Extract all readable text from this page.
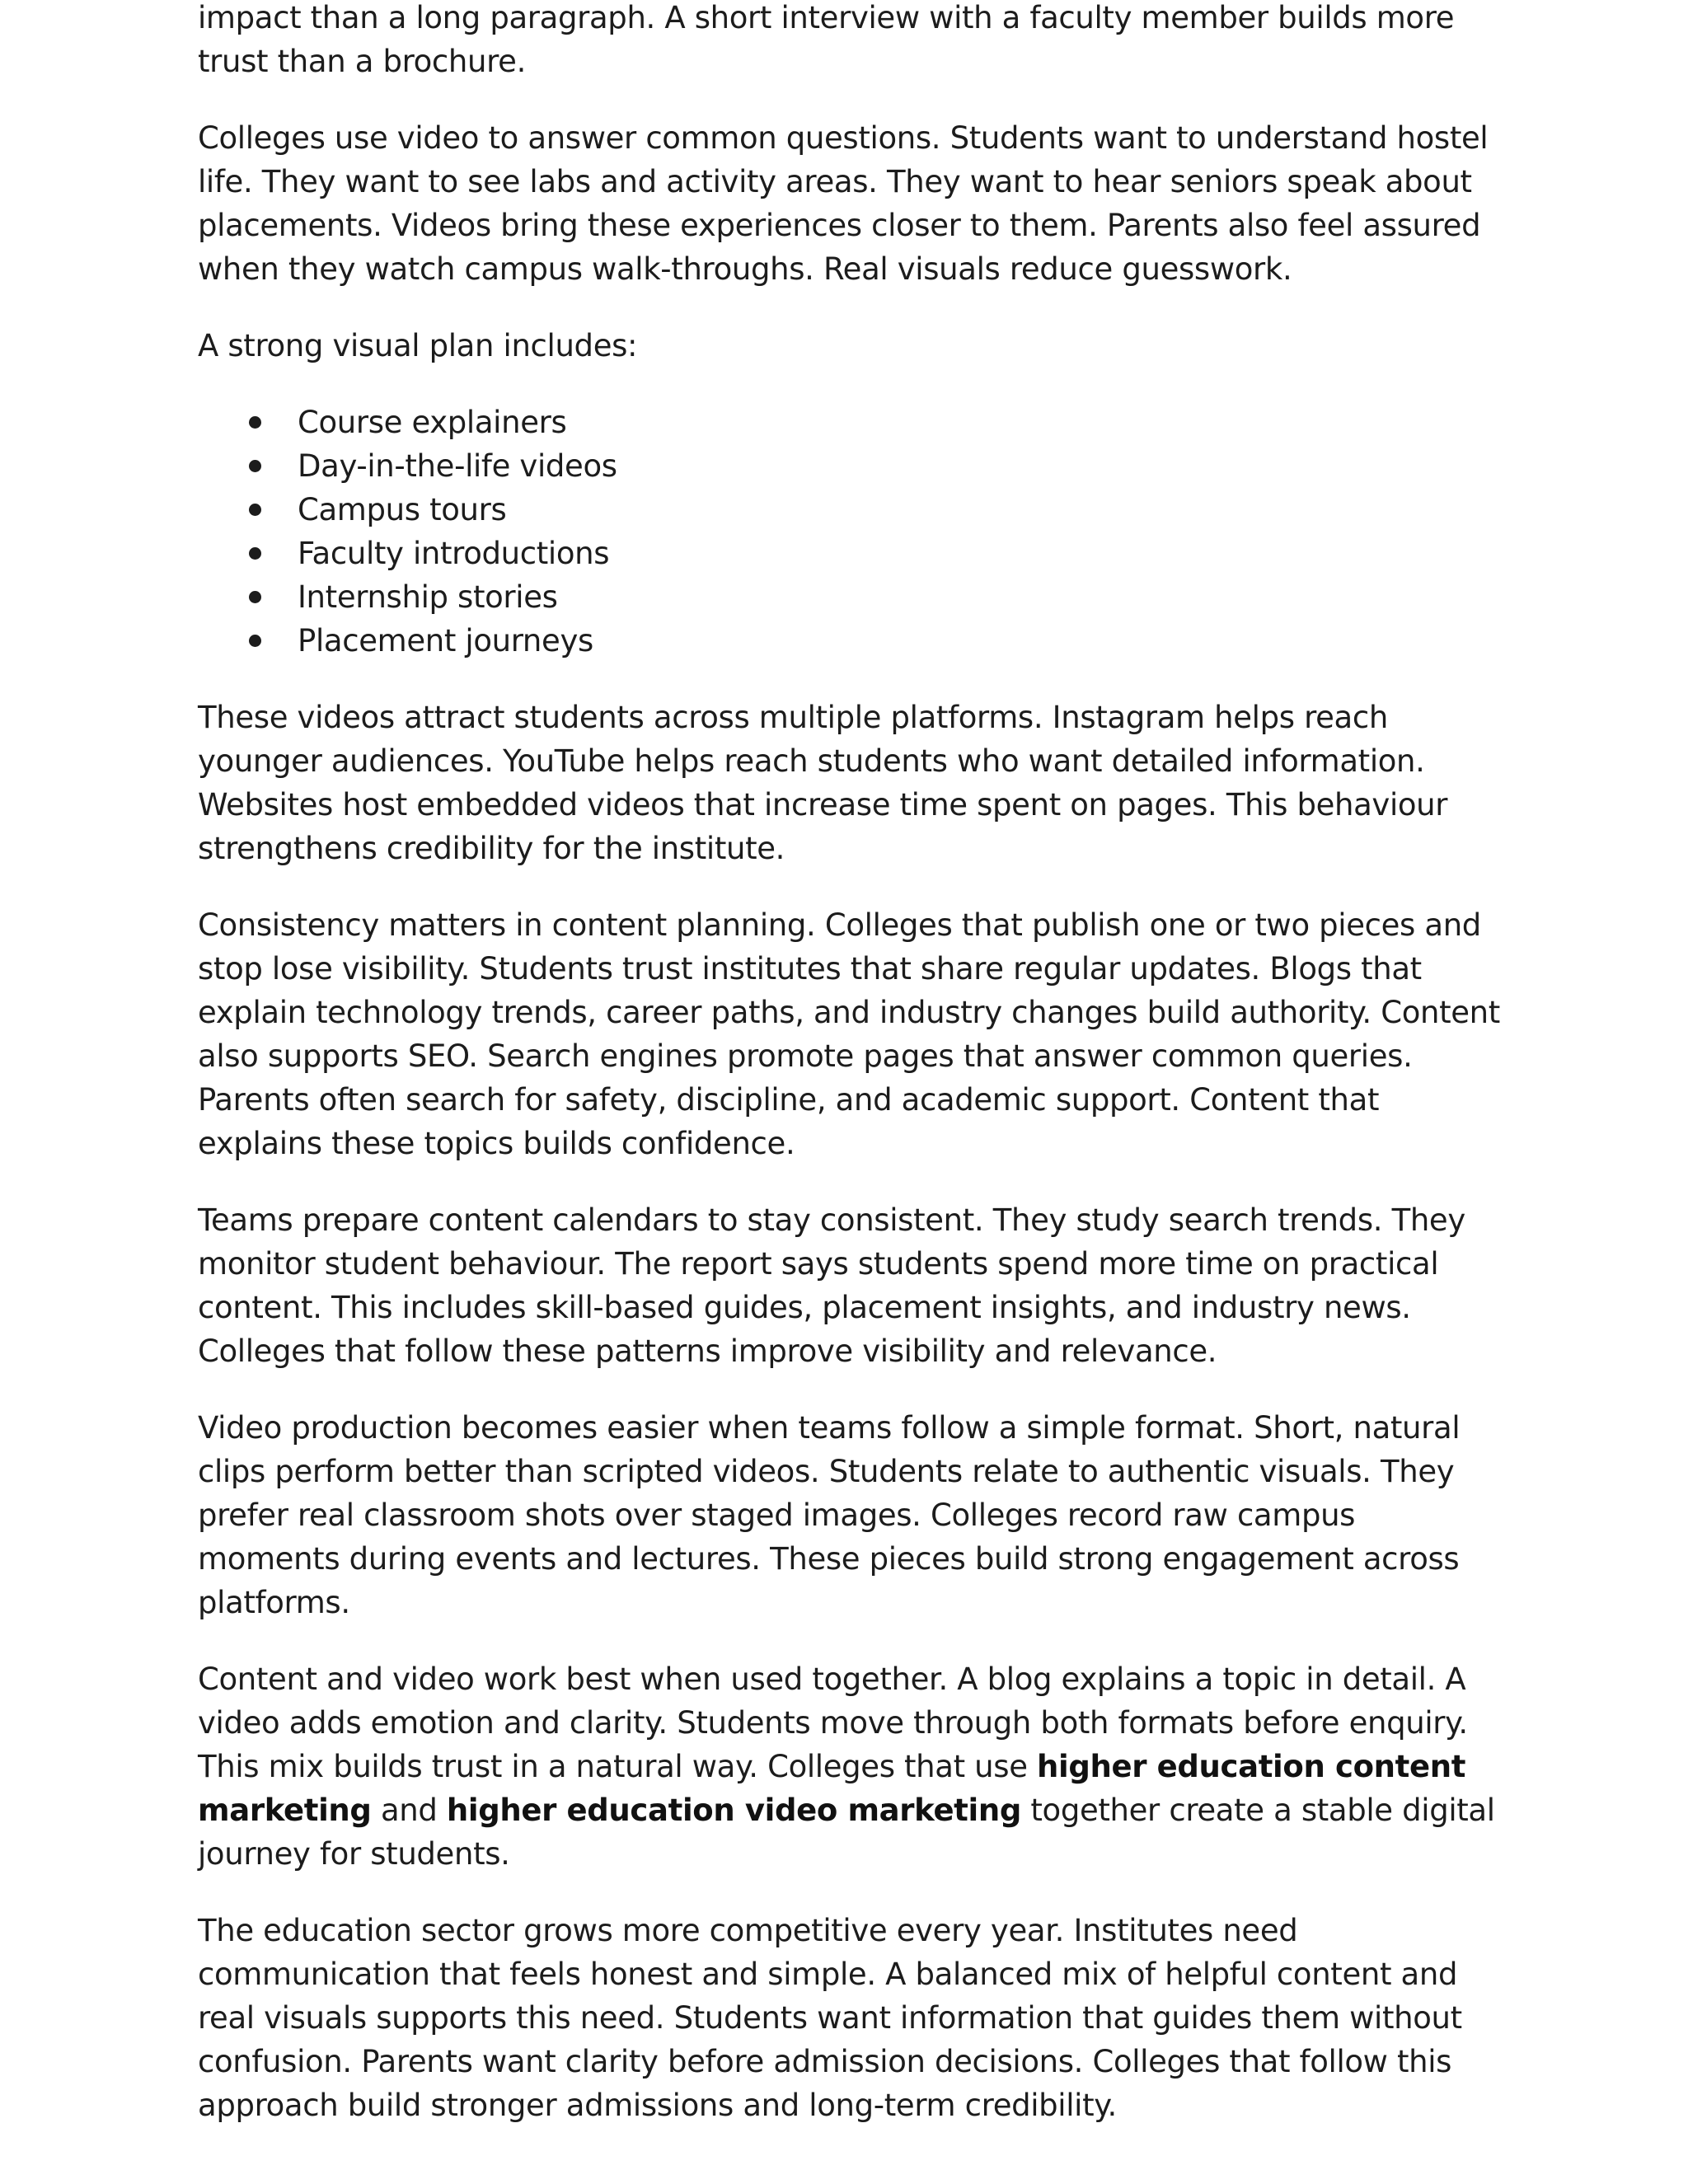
impact than a long paragraph. A short interview with a faculty member builds more trust than a brochure.

Colleges use video to answer common questions. Students want to understand hostel life. They want to see labs and activity areas. They want to hear seniors speak about placements. Videos bring these experiences closer to them. Parents also feel assured when they watch campus walk-throughs. Real visuals reduce guesswork.

A strong visual plan includes:

Course explainers
Day-in-the-life videos
Campus tours
Faculty introductions
Internship stories
Placement journeys

These videos attract students across multiple platforms. Instagram helps reach younger audiences. YouTube helps reach students who want detailed information. Websites host embedded videos that increase time spent on pages. This behaviour strengthens credibility for the institute.

Consistency matters in content planning. Colleges that publish one or two pieces and stop lose visibility. Students trust institutes that share regular updates. Blogs that explain technology trends, career paths, and industry changes build authority. Content also supports SEO. Search engines promote pages that answer common queries. Parents often search for safety, discipline, and academic support. Content that explains these topics builds confidence.

Teams prepare content calendars to stay consistent. They study search trends. They monitor student behaviour. The report says students spend more time on practical content. This includes skill-based guides, placement insights, and industry news. Colleges that follow these patterns improve visibility and relevance.

Video production becomes easier when teams follow a simple format. Short, natural clips perform better than scripted videos. Students relate to authentic visuals. They prefer real classroom shots over staged images. Colleges record raw campus moments during events and lectures. These pieces build strong engagement across platforms.

Content and video work best when used together. A blog explains a topic in detail. A video adds emotion and clarity. Students move through both formats before enquiry. This mix builds trust in a natural way. Colleges that use higher education content marketing and higher education video marketing together create a stable digital journey for students.

The education sector grows more competitive every year. Institutes need communication that feels honest and simple. A balanced mix of helpful content and real visuals supports this need. Students want information that guides them without confusion. Parents want clarity before admission decisions. Colleges that follow this approach build stronger admissions and long-term credibility.
